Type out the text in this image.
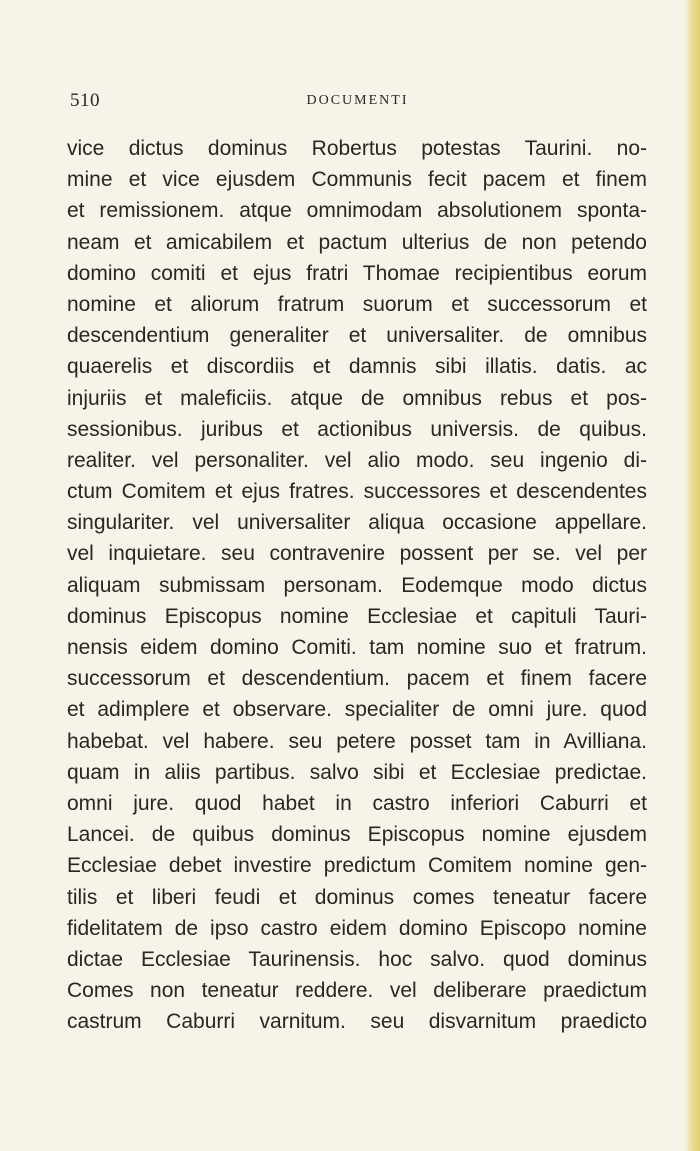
510	DOCUMENTI
vice dictus dominus Robertus potestas Taurini. no-
mine et vice ejusdem Communis fecit pacem et finem
et remissionem. atque omnimodam absolutionem sponta-
neam et amicabilem et pactum ulterius de non petendo
domino comiti et ejus fratri Thomae recipientibus eorum
nomine et aliorum fratrum suorum et successorum et
descendentium generaliter et universaliter. de omnibus
quaerelis et discordiis et damnis sibi illatis. datis. ac
injuriis et maleficiis. atque de omnibus rebus et pos-
sessionibus. juribus et actionibus universis. de quibus.
realiter. vel personaliter. vel alio modo. seu ingenio di-
ctum Comitem et ejus fratres. successores et descendentes
singulariter. vel universaliter aliqua occasione appellare.
vel inquietare. seu contravenire possent per se. vel per
aliquam submissam personam. Eodemque modo dictus
dominus Episcopus nomine Ecclesiae et capituli Tauri-
nensis eidem domino Comiti. tam nomine suo et fratrum.
successorum et descendentium. pacem et finem facere
et adimplere et observare. specialiter de omni jure. quod
habebat. vel habere. seu petere posset tam in Avilliana.
quam in aliis partibus. salvo sibi et Ecclesiae predictae.
omni jure. quod habet in castro inferiori Caburri et
Lancei. de quibus dominus Episcopus nomine ejusdem
Ecclesiae debet investire predictum Comitem nomine gen-
tilis et liberi feudi et dominus comes teneatur facere
fidelitatem de ipso castro eidem domino Episcopo nomine
dictae Ecclesiae Taurinensis. hoc salvo. quod dominus
Comes non teneatur reddere. vel deliberare praedictum
castrum Caburri varnitum. seu disvarnitum praedicto
